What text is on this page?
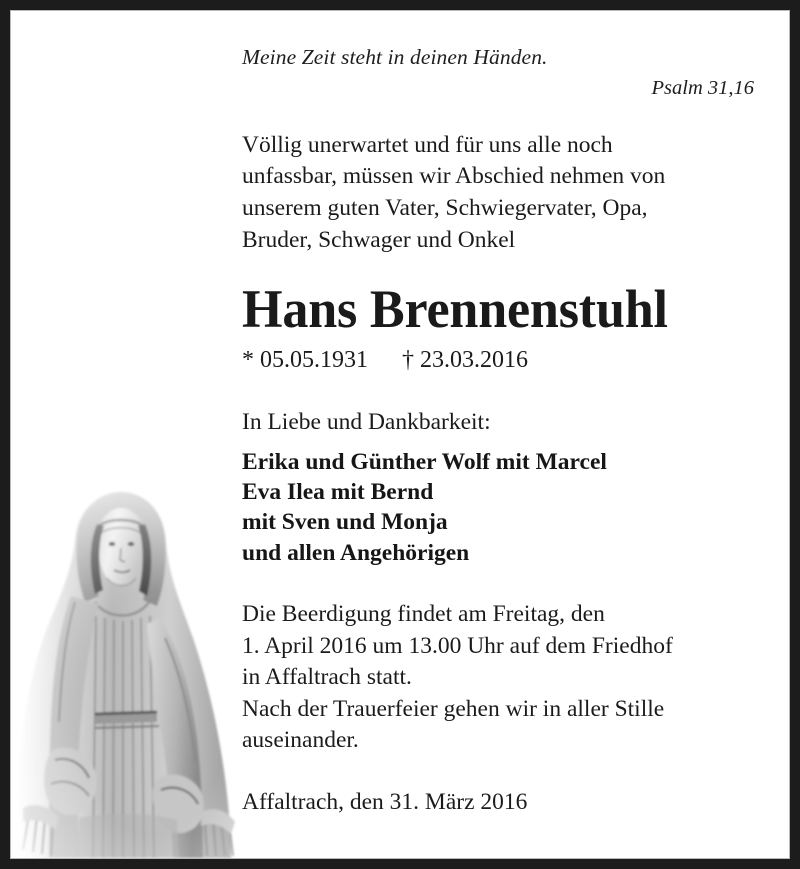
Meine Zeit steht in deinen Händen.
Psalm 31,16
Völlig unerwartet und für uns alle noch
unfassbar, müssen wir Abschied nehmen von
unserem guten Vater, Schwiegervater, Opa,
Bruder, Schwager und Onkel
Hans Brennenstuhl
* 05.05.1931 † 23.03.2016
In Liebe und Dankbarkeit:
Erika und Günther Wolf mit Marcel
Eva Ilea mit Bernd
mit Sven und Monja
und allen Angehörigen
Die Beerdigung findet am Freitag, den
1. April 2016 um 13.00 Uhr auf dem Friedhof
in Affaltrach statt.
Nach der Trauerfeier gehen wir in aller Stille
auseinander.
Affaltrach, den 31. März 2016
